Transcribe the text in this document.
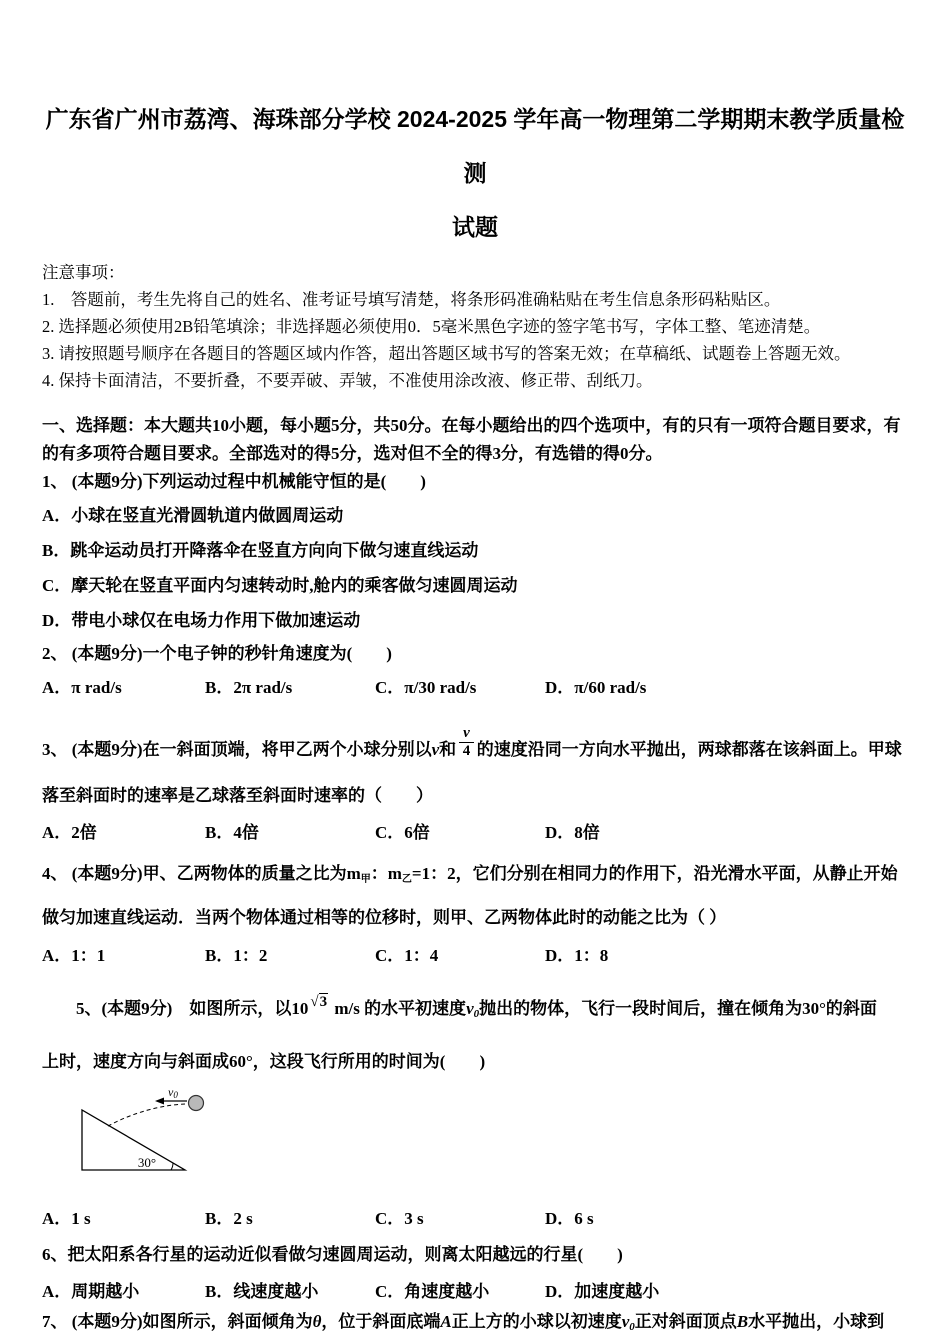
广东省广州市荔湾、海珠部分学校 2024-2025 学年高一物理第二学期期末教学质量检测
试题
注意事项：
1.　答题前，考生先将自己的姓名、准考证号填写清楚，将条形码准确粘贴在考生信息条形码粘贴区。
2. 选择题必须使用2B铅笔填涂；非选择题必须使用0．5毫米黑色字迹的签字笔书写，字体工整、笔迹清楚。
3. 请按照题号顺序在各题目的答题区域内作答，超出答题区域书写的答案无效；在草稿纸、试题卷上答题无效。
4. 保持卡面清洁，不要折叠，不要弄破、弄皱，不准使用涂改液、修正带、刮纸刀。
一、选择题：本大题共10小题，每小题5分，共50分。在每小题给出的四个选项中，有的只有一项符合题目要求，有的有多项符合题目要求。全部选对的得5分，选对但不全的得3分，有选错的得0分。
1、 (本题9分)下列运动过程中机械能守恒的是(　　)
A．小球在竖直光滑圆轨道内做圆周运动
B．跳伞运动员打开降落伞在竖直方向向下做匀速直线运动
C．摩天轮在竖直平面内匀速转动时,舱内的乘客做匀速圆周运动
D．带电小球仅在电场力作用下做加速运动
2、 (本题9分)一个电子钟的秒针角速度为(　　)
A．π rad/s	B．2π rad/s	C．π/30 rad/s	D．π/60 rad/s
3、 (本题9分)在一斜面顶端，将甲乙两个小球分别以v和 $\frac{v}{4}$ 的速度沿同一方向水平抛出，两球都落在该斜面上。甲球
落至斜面时的速率是乙球落至斜面时速率的（　　）
A．2倍	B．4倍	C．6倍	D．8倍
4、 (本题9分)甲、乙两物体的质量之比为m甲：m乙=1：2，它们分别在相同力的作用下，沿光滑水平面，从静止开始
做匀加速直线运动．当两个物体通过相等的位移时，则甲、乙两物体此时的动能之比为（ ）
A．1：1	B．1：2	C．1：4	D．1：8
5、(本题9分)　如图所示，以10 √3 m/s 的水平初速度$v_0$抛出的物体，飞行一段时间后，撞在倾角为30°的斜面
上时，速度方向与斜面成60°，这段飞行所用的时间为(　　)
30°
v0
A．1 s	B．2 s	C．3 s	D．6 s
6、把太阳系各行星的运动近似看做匀速圆周运动，则离太阳越远的行星(　　)
A．周期越小	B．线速度越小	C．角速度越小	D．加速度越小
7、 (本题9分)如图所示，斜面倾角为θ，位于斜面底端A正上方的小球以初速度$v_0$正对斜面顶点B水平抛出，小球到
